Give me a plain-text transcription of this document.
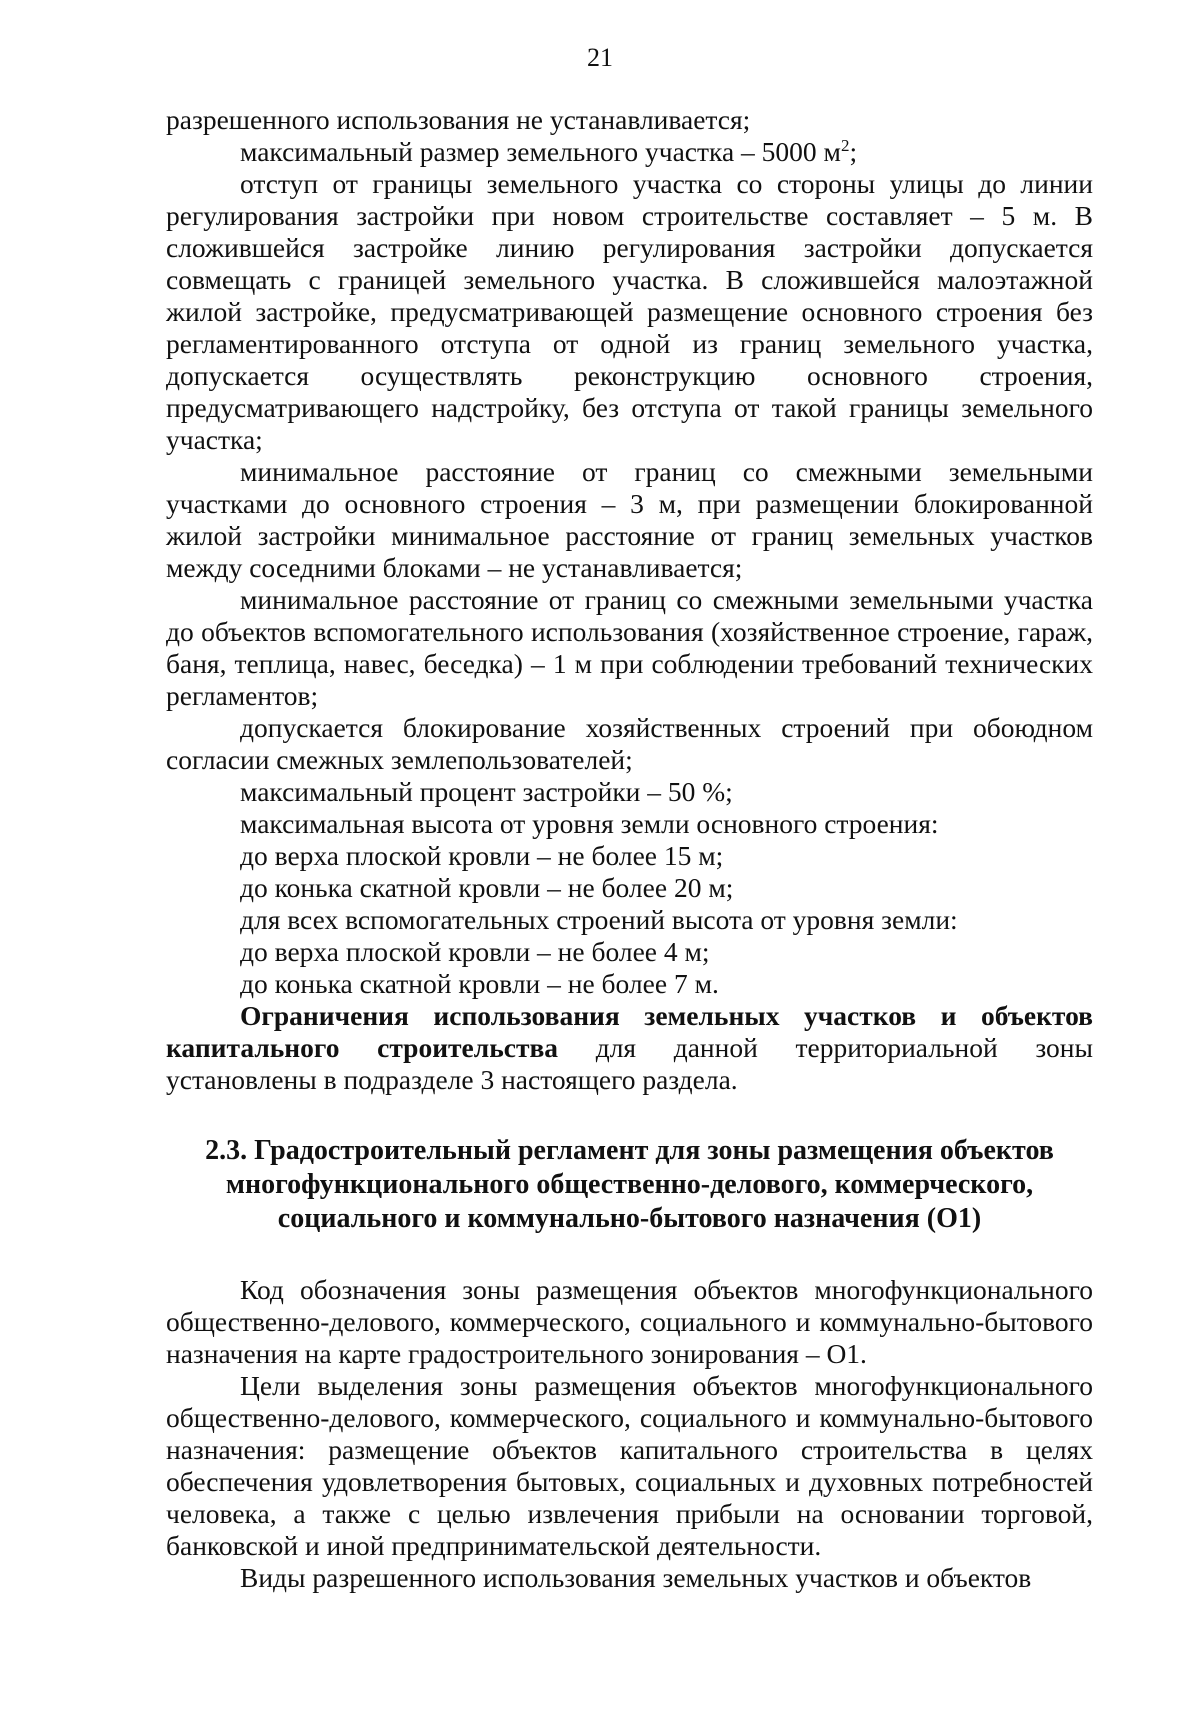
21

разрешенного использования не устанавливается;

максимальный размер земельного участка – 5000 $м^2$;

отступ от границы земельного участка со стороны улицы до линии регулирования застройки при новом строительстве составляет – 5 м. В сложившейся застройке линию регулирования застройки допускается совмещать с границей земельного участка. В сложившейся малоэтажной жилой застройке, предусматривающей размещение основного строения без регламентированного отступа от одной из границ земельного участка, допускается осуществлять реконструкцию основного строения, предусматривающего надстройку, без отступа от такой границы земельного участка;

минимальное расстояние от границ со смежными земельными участками до основного строения – 3 м, при размещении блокированной жилой застройки минимальное расстояние от границ земельных участков между соседними блоками – не устанавливается;

минимальное расстояние от границ со смежными земельными участка до объектов вспомогательного использования (хозяйственное строение, гараж, баня, теплица, навес, беседка) – 1 м при соблюдении требований технических регламентов;

допускается блокирование хозяйственных строений при обоюдном согласии смежных землепользователей;

максимальный процент застройки – 50 %;

максимальная высота от уровня земли основного строения:

до верха плоской кровли – не более 15 м;

до конька скатной кровли – не более 20 м;

для всех вспомогательных строений высота от уровня земли:

до верха плоской кровли – не более 4 м;

до конька скатной кровли – не более 7 м.

Ограничения использования земельных участков и объектов капитального строительства для данной территориальной зоны установлены в подразделе 3 настоящего раздела.

2.3. Градостроительный регламент для зоны размещения объектов
многофункционального общественно-делового, коммерческого,
социального и коммунально-бытового назначения (О1)

Код обозначения зоны размещения объектов многофункционального общественно-делового, коммерческого, социального и коммунально-бытового назначения на карте градостроительного зонирования – О1.

Цели выделения зоны размещения объектов многофункционального общественно-делового, коммерческого, социального и коммунально-бытового назначения: размещение объектов капитального строительства в целях обеспечения удовлетворения бытовых, социальных и духовных потребностей человека, а также с целью извлечения прибыли на основании торговой, банковской и иной предпринимательской деятельности.

Виды разрешенного использования земельных участков и объектов
